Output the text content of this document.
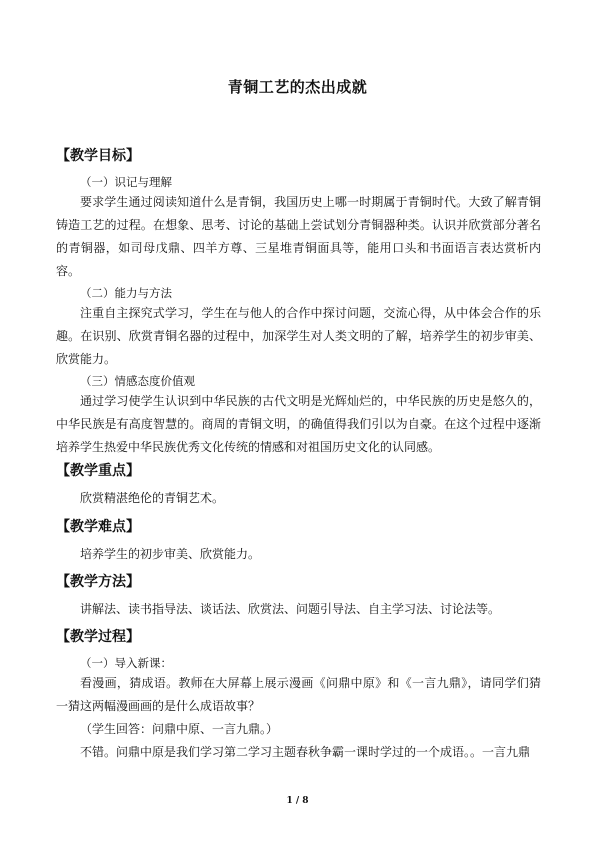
青铜工艺的杰出成就
【教学目标】
（一）识记与理解
要求学生通过阅读知道什么是青铜，我国历史上哪一时期属于青铜时代。大致了解青铜铸造工艺的过程。在想象、思考、讨论的基础上尝试划分青铜器种类。认识并欣赏部分著名的青铜器，如司母戊鼎、四羊方尊、三星堆青铜面具等，能用口头和书面语言表达赏析内容。
（二）能力与方法
注重自主探究式学习，学生在与他人的合作中探讨问题，交流心得，从中体会合作的乐趣。在识别、欣赏青铜名器的过程中，加深学生对人类文明的了解，培养学生的初步审美、欣赏能力。
（三）情感态度价值观
通过学习使学生认识到中华民族的古代文明是光辉灿烂的，中华民族的历史是悠久的，中华民族是有高度智慧的。商周的青铜文明，的确值得我们引以为自豪。在这个过程中逐渐培养学生热爱中华民族优秀文化传统的情感和对祖国历史文化的认同感。
【教学重点】
欣赏精湛绝伦的青铜艺术。
【教学难点】
培养学生的初步审美、欣赏能力。
【教学方法】
讲解法、读书指导法、谈话法、欣赏法、问题引导法、自主学习法、讨论法等。
【教学过程】
（一）导入新课：
看漫画，猜成语。教师在大屏幕上展示漫画《问鼎中原》和《一言九鼎》，请同学们猜一猜这两幅漫画画的是什么成语故事？
（学生回答：问鼎中原、一言九鼎。）
不错。问鼎中原是我们学习第二学习主题春秋争霸一课时学过的一个成语。。一言九鼎
1 / 8
